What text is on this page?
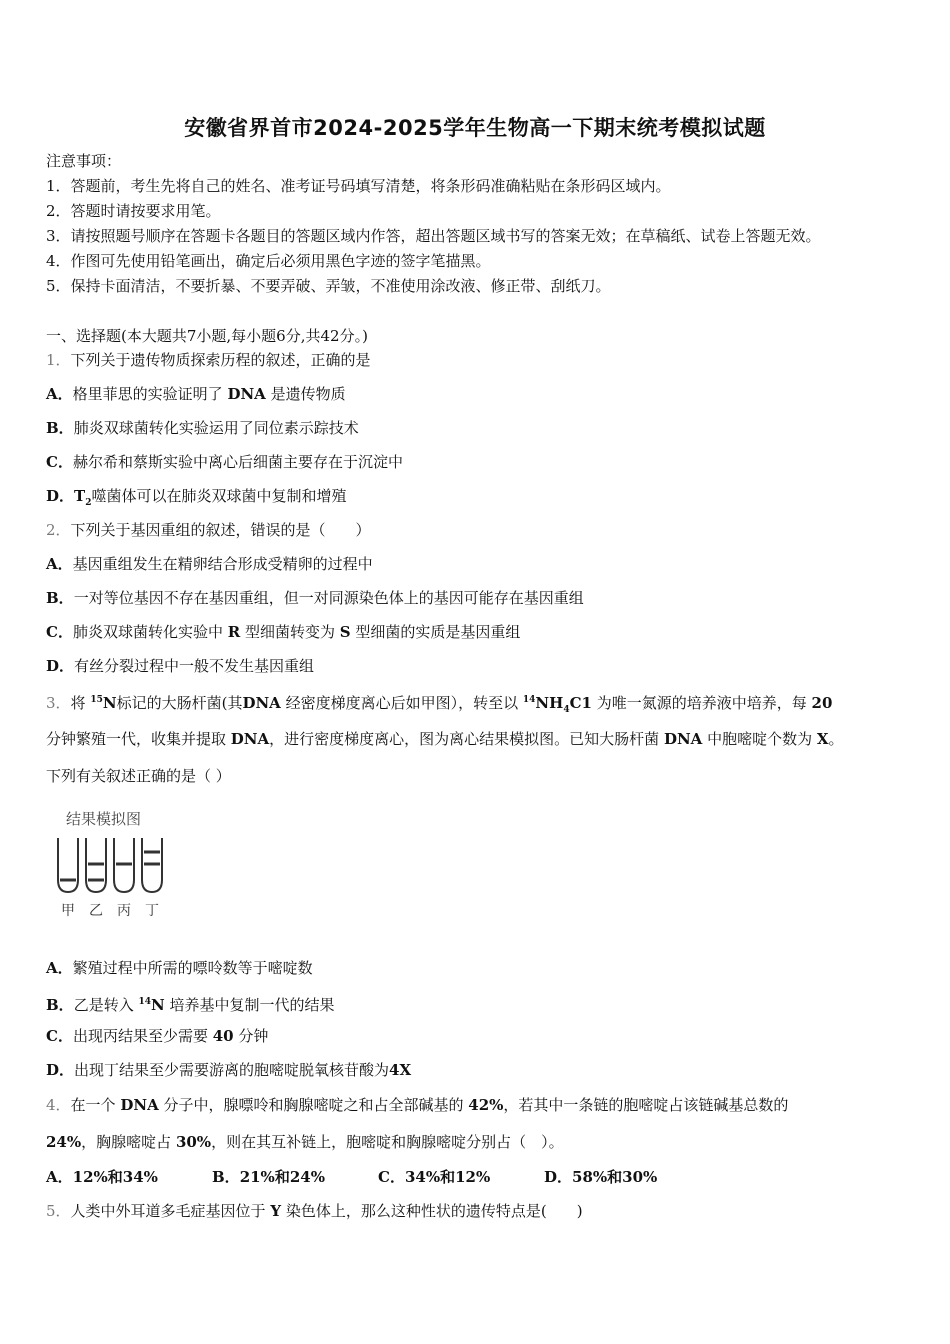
安徽省界首市2024-2025学年生物高一下期末统考模拟试题
注意事项：
1．答题前，考生先将自己的姓名、准考证号码填写清楚，将条形码准确粘贴在条形码区域内。
2．答题时请按要求用笔。
3．请按照题号顺序在答题卡各题目的答题区域内作答，超出答题区域书写的答案无效；在草稿纸、试卷上答题无效。
4．作图可先使用铅笔画出，确定后必须用黑色字迹的签字笔描黑。
5．保持卡面清洁，不要折暴、不要弄破、弄皱，不准使用涂改液、修正带、刮纸刀。
一、选择题(本大题共7小题,每小题6分,共42分。)
1．下列关于遗传物质探索历程的叙述，正确的是
A．格里菲思的实验证明了 DNA 是遗传物质
B．肺炎双球菌转化实验运用了同位素示踪技术
C．赫尔希和蔡斯实验中离心后细菌主要存在于沉淀中
D．$T_2$噬菌体可以在肺炎双球菌中复制和增殖
2．下列关于基因重组的叙述，错误的是（　　）
A．基因重组发生在精卵结合形成受精卵的过程中
B．一对等位基因不存在基因重组，但一对同源染色体上的基因可能存在基因重组
C．肺炎双球菌转化实验中 R 型细菌转变为 S 型细菌的实质是基因重组
D．有丝分裂过程中一般不发生基因重组
3．将 $^{15}$N标记的大肠杆菌(其DNA 经密度梯度离心后如甲图），转至以 $^{14}NH_4C1$ 为唯一氮源的培养液中培养，每 20
分钟繁殖一代，收集并提取 DNA，进行密度梯度离心，图为离心结果模拟图。已知大肠杆菌 DNA 中胞嘧啶个数为 X。
下列有关叙述正确的是（ ）
结果模拟图
甲	乙	丙	丁
A．繁殖过程中所需的嘌呤数等于嘧啶数
B．乙是转入 $^{14}$N 培养基中复制一代的结果
C．出现丙结果至少需要 40 分钟
D．出现丁结果至少需要游离的胞嘧啶脱氧核苷酸为4X
4．在一个 DNA 分子中，腺嘌呤和胸腺嘧啶之和占全部碱基的 42%，若其中一条链的胞嘧啶占该链碱基总数的
24%，胸腺嘧啶占 30%，则在其互补链上，胞嘧啶和胸腺嘧啶分别占（　）。
A．12%和34%	B．21%和24%	C．34%和12%	D．58%和30%
5．人类中外耳道多毛症基因位于 Y 染色体上，那么这种性状的遗传特点是(　　)
